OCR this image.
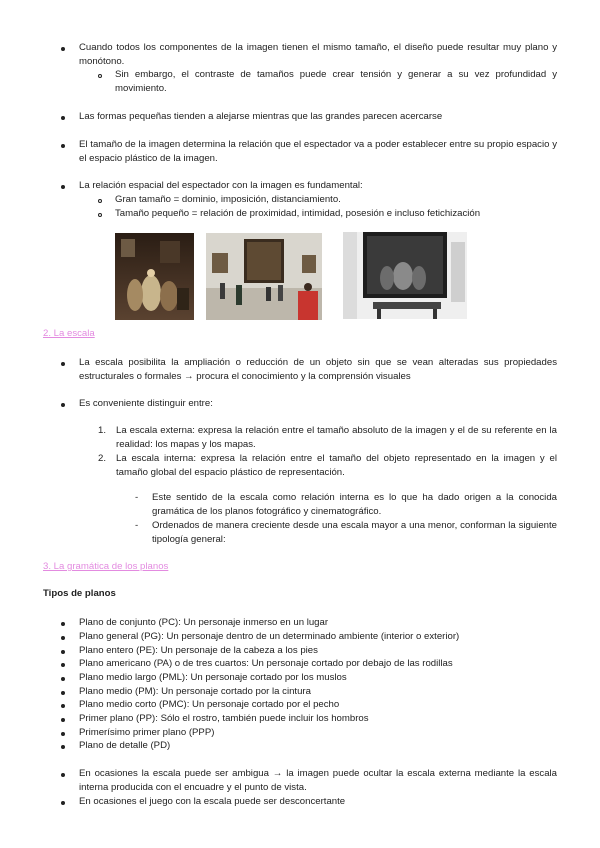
Cuando todos los componentes de la imagen tienen el mismo tamaño, el diseño puede resultar muy plano y monótono.

Sin embargo, el contraste de tamaños puede crear tensión y generar a su vez profundidad y movimiento.

Las formas pequeñas tienden a alejarse mientras que las grandes parecen acercarse

El tamaño de la imagen determina la relación que el espectador va a poder establecer entre su propio espacio y el espacio plástico de la imagen.

La relación espacial del espectador con la imagen es fundamental:

Gran tamaño = dominio, imposición, distanciamiento.

Tamaño pequeño = relación de proximidad, intimidad, posesión e incluso fetichización

2. La escala

La escala posibilita la ampliación o reducción de un objeto sin que se vean alteradas sus propiedades estructurales o formales → procura el conocimiento y la comprensión visuales

Es conveniente distinguir entre:

1. La escala externa: expresa la relación entre el tamaño absoluto de la imagen y el de su referente en la realidad: los mapas y los mapas.

2. La escala interna: expresa la relación entre el tamaño del objeto representado en la imagen y el tamaño global del espacio plástico de representación.

- Este sentido de la escala como relación interna es lo que ha dado origen a la conocida gramática de los planos fotográfico y cinematográfico.

- Ordenados de manera creciente desde una escala mayor a una menor, conforman la siguiente tipología general:

3. La gramática de los planos
Tipos de planos

Plano de conjunto (PC): Un personaje inmerso en un lugar

Plano general (PG): Un personaje dentro de un determinado ambiente (interior o exterior)

Plano entero (PE): Un personaje de la cabeza a los pies

Plano americano (PA) o de tres cuartos: Un personaje cortado por debajo de las rodillas

Plano medio largo (PML): Un personaje cortado por los muslos

Plano medio (PM): Un personaje cortado por la cintura

Plano medio corto (PMC): Un personaje cortado por el pecho

Primer plano (PP): Sólo el rostro, también puede incluir los hombros

Primerísimo primer plano (PPP)

Plano de detalle (PD)

En ocasiones la escala puede ser ambigua → la imagen puede ocultar la escala externa mediante la escala interna producida con el encuadre y el punto de vista.

En ocasiones el juego con la escala puede ser desconcertante
